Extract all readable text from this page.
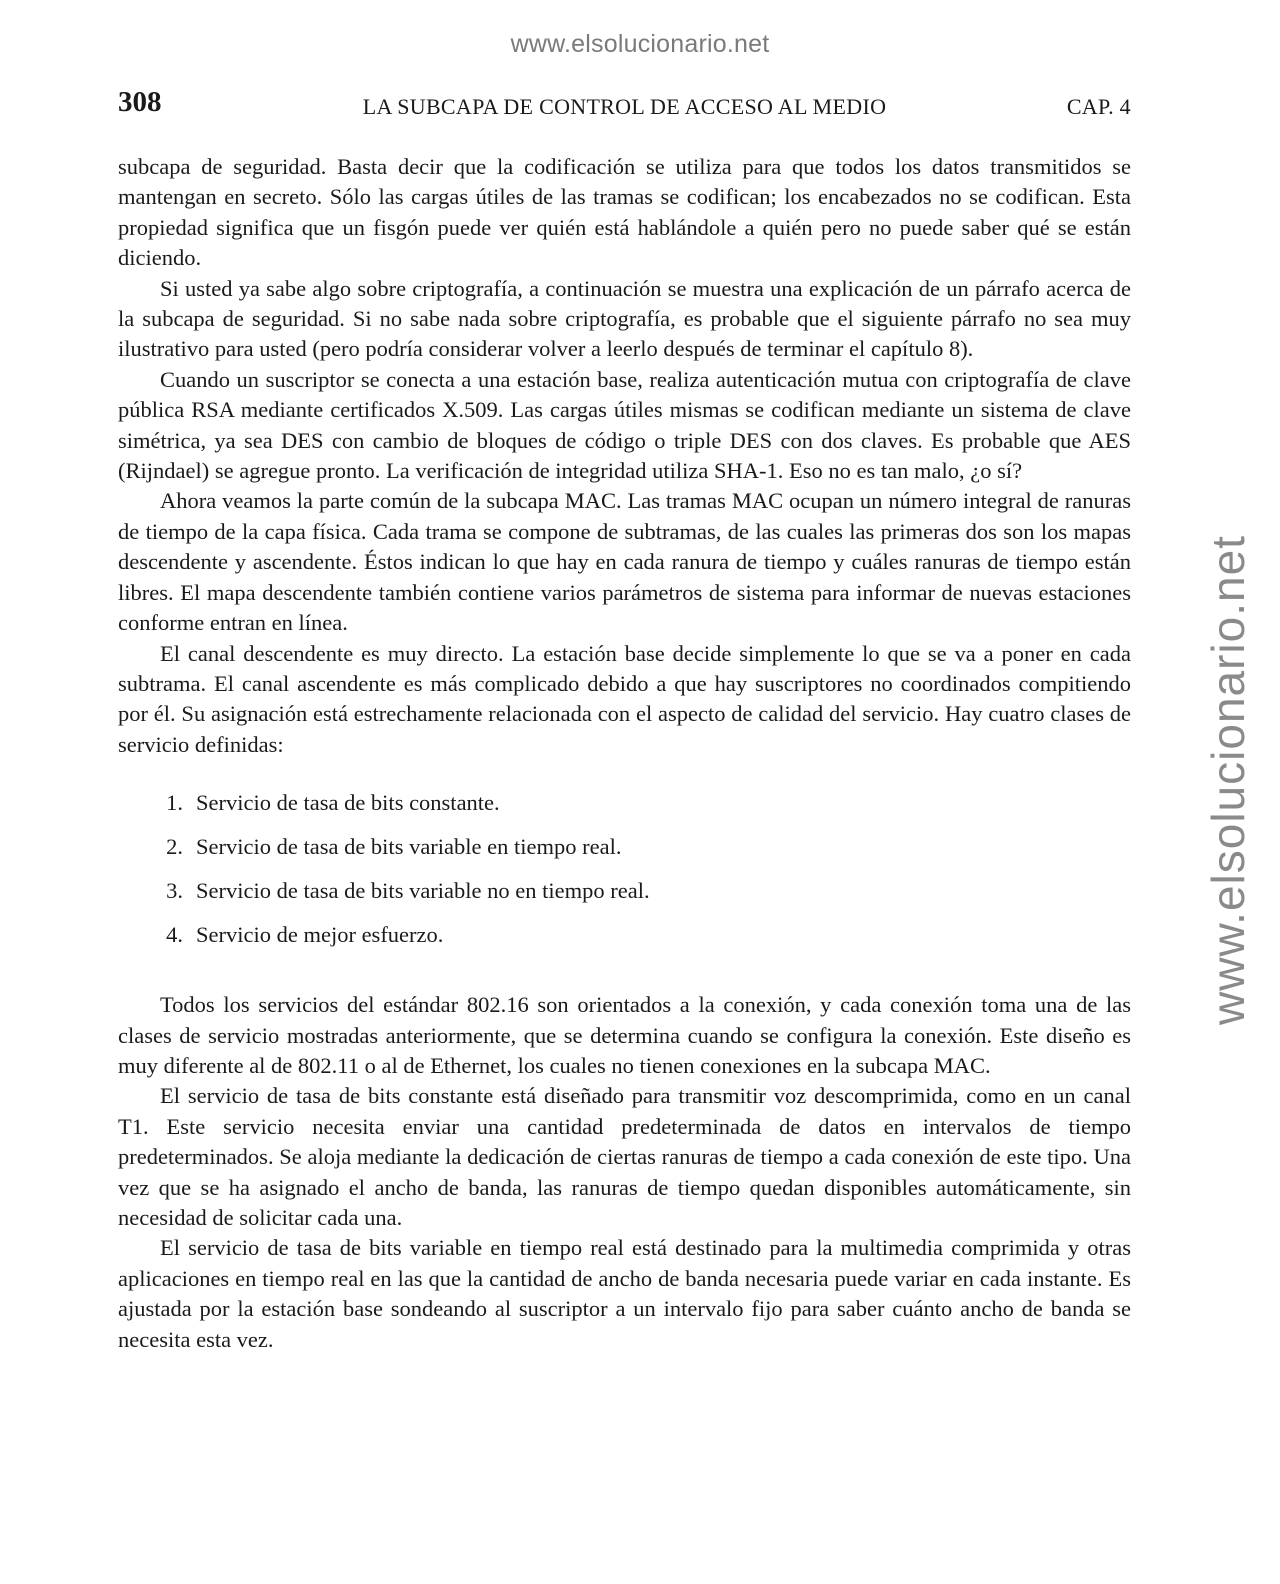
www.elsolucionario.net
www.elsolucionario.net
308	LA SUBCAPA DE CONTROL DE ACCESO AL MEDIO	CAP. 4

subcapa de seguridad. Basta decir que la codificación se utiliza para que todos los datos transmitidos se mantengan en secreto. Sólo las cargas útiles de las tramas se codifican; los encabezados no se codifican. Esta propiedad significa que un fisgón puede ver quién está hablándole a quién pero no puede saber qué se están diciendo.

Si usted ya sabe algo sobre criptografía, a continuación se muestra una explicación de un párrafo acerca de la subcapa de seguridad. Si no sabe nada sobre criptografía, es probable que el siguiente párrafo no sea muy ilustrativo para usted (pero podría considerar volver a leerlo después de terminar el capítulo 8).

Cuando un suscriptor se conecta a una estación base, realiza autenticación mutua con criptografía de clave pública RSA mediante certificados X.509. Las cargas útiles mismas se codifican mediante un sistema de clave simétrica, ya sea DES con cambio de bloques de código o triple DES con dos claves. Es probable que AES (Rijndael) se agregue pronto. La verificación de integridad utiliza SHA-1. Eso no es tan malo, ¿o sí?

Ahora veamos la parte común de la subcapa MAC. Las tramas MAC ocupan un número integral de ranuras de tiempo de la capa física. Cada trama se compone de subtramas, de las cuales las primeras dos son los mapas descendente y ascendente. Éstos indican lo que hay en cada ranura de tiempo y cuáles ranuras de tiempo están libres. El mapa descendente también contiene varios parámetros de sistema para informar de nuevas estaciones conforme entran en línea.

El canal descendente es muy directo. La estación base decide simplemente lo que se va a poner en cada subtrama. El canal ascendente es más complicado debido a que hay suscriptores no coordinados compitiendo por él. Su asignación está estrechamente relacionada con el aspecto de calidad del servicio. Hay cuatro clases de servicio definidas:

1. Servicio de tasa de bits constante.
2. Servicio de tasa de bits variable en tiempo real.
3. Servicio de tasa de bits variable no en tiempo real.
4. Servicio de mejor esfuerzo.

Todos los servicios del estándar 802.16 son orientados a la conexión, y cada conexión toma una de las clases de servicio mostradas anteriormente, que se determina cuando se configura la conexión. Este diseño es muy diferente al de 802.11 o al de Ethernet, los cuales no tienen conexiones en la subcapa MAC.

El servicio de tasa de bits constante está diseñado para transmitir voz descomprimida, como en un canal T1. Este servicio necesita enviar una cantidad predeterminada de datos en intervalos de tiempo predeterminados. Se aloja mediante la dedicación de ciertas ranuras de tiempo a cada conexión de este tipo. Una vez que se ha asignado el ancho de banda, las ranuras de tiempo quedan disponibles automáticamente, sin necesidad de solicitar cada una.

El servicio de tasa de bits variable en tiempo real está destinado para la multimedia comprimida y otras aplicaciones en tiempo real en las que la cantidad de ancho de banda necesaria puede variar en cada instante. Es ajustada por la estación base sondeando al suscriptor a un intervalo fijo para saber cuánto ancho de banda se necesita esta vez.
